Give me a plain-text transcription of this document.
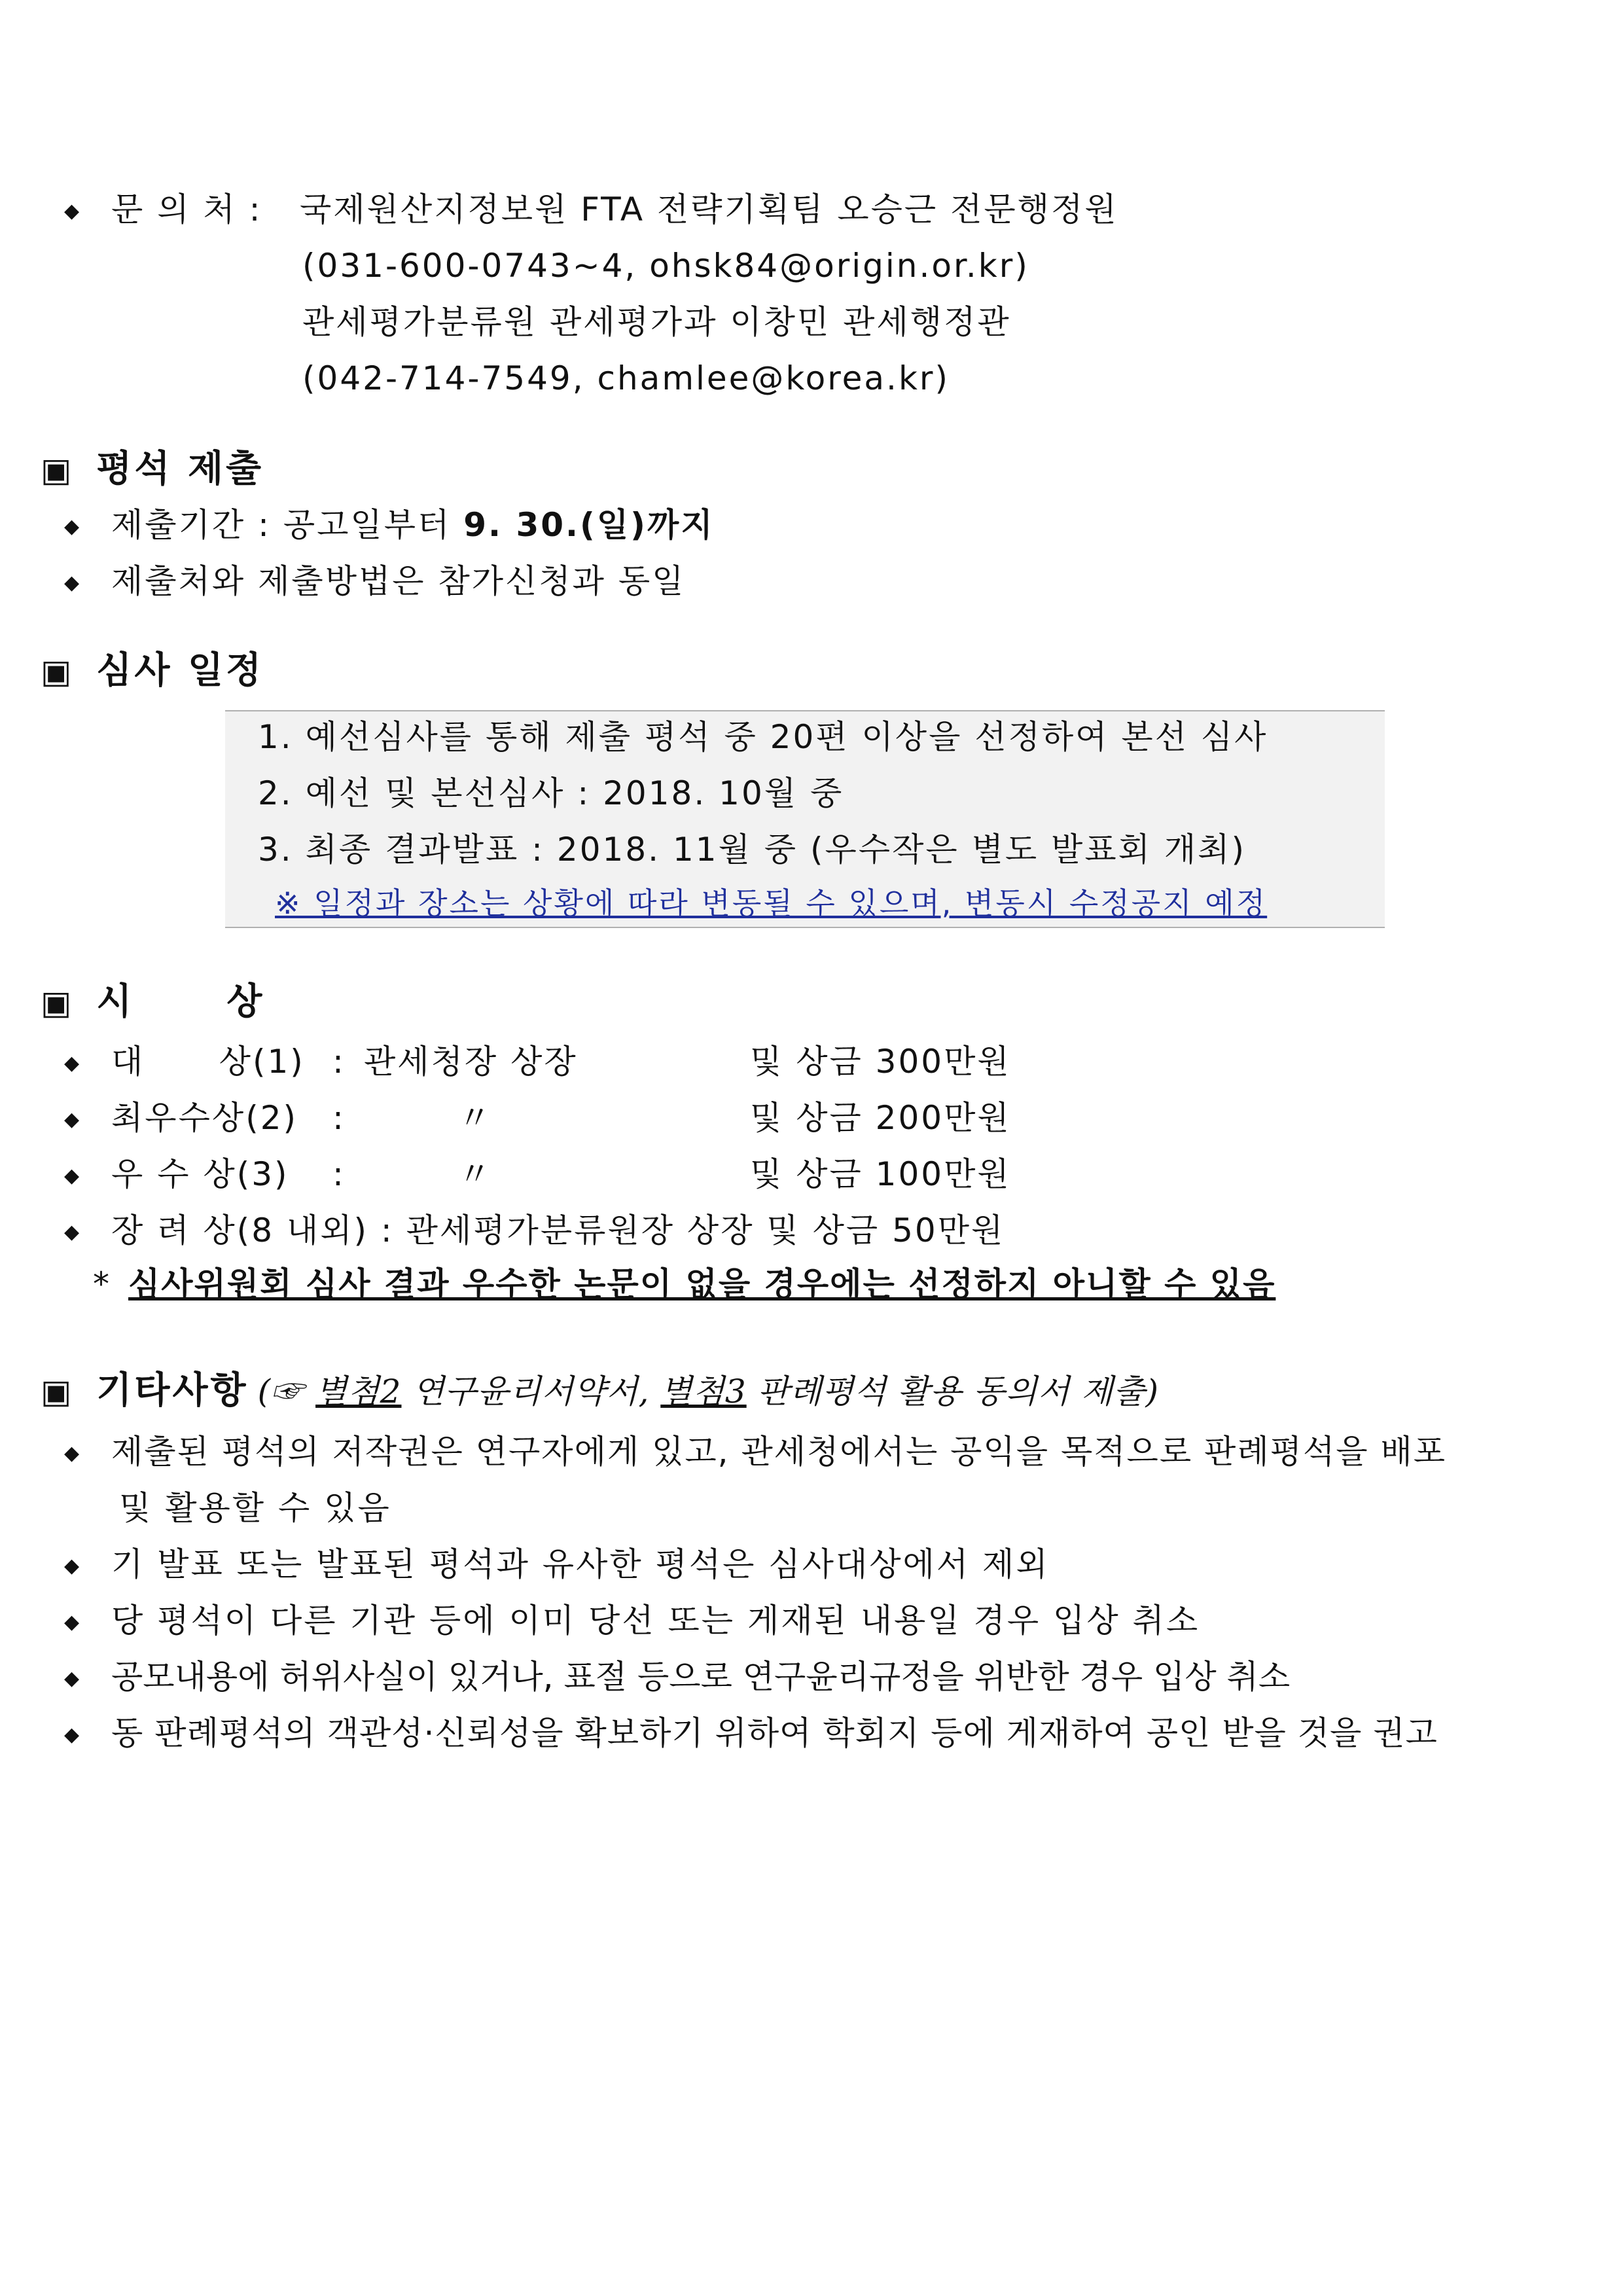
◆ 문 의 처 : 국제원산지정보원 FTA 전략기획팀 오승근 전문행정원
(031-600-0743~4, ohsk84@origin.or.kr)
관세평가분류원 관세평가과 이창민 관세행정관
(042-714-7549, chamlee@korea.kr)
▣ 평석 제출
◆ 제출기간 : 공고일부터 9. 30.(일)까지
◆ 제출처와 제출방법은 참가신청과 동일
▣ 심사 일정
1. 예선심사를 통해 제출 평석 중 20편 이상을 선정하여 본선 심사
2. 예선 및 본선심사 : 2018. 10월 중
3. 최종 결과발표 : 2018. 11월 중 (우수작은 별도 발표회 개최)
※ 일정과 장소는 상황에 따라 변동될 수 있으며, 변동시 수정공지 예정
▣ 시      상
◆ 대      상(1) : 관세청장 상장	및 상금 300만원
◆ 최우수상(2) :	〃	및 상금 200만원
◆ 우 수 상(3) :	〃	및 상금 100만원
◆ 장 려 상(8 내외) : 관세평가분류원장 상장 및 상금 50만원
* 심사위원회 심사 결과 우수한 논문이 없을 경우에는 선정하지 아니할 수 있음
▣ 기타사항 (☞ 별첨2 연구윤리서약서, 별첨3 판례평석 활용 동의서 제출)
◆ 제출된 평석의 저작권은 연구자에게 있고, 관세청에서는 공익을 목적으로 판례평석을 배포
및 활용할 수 있음
◆ 기 발표 또는 발표된 평석과 유사한 평석은 심사대상에서 제외
◆ 당 평석이 다른 기관 등에 이미 당선 또는 게재된 내용일 경우 입상 취소
◆ 공모내용에 허위사실이 있거나, 표절 등으로 연구윤리규정을 위반한 경우 입상 취소
◆ 동 판례평석의 객관성·신뢰성을 확보하기 위하여 학회지 등에 게재하여 공인 받을 것을 권고
